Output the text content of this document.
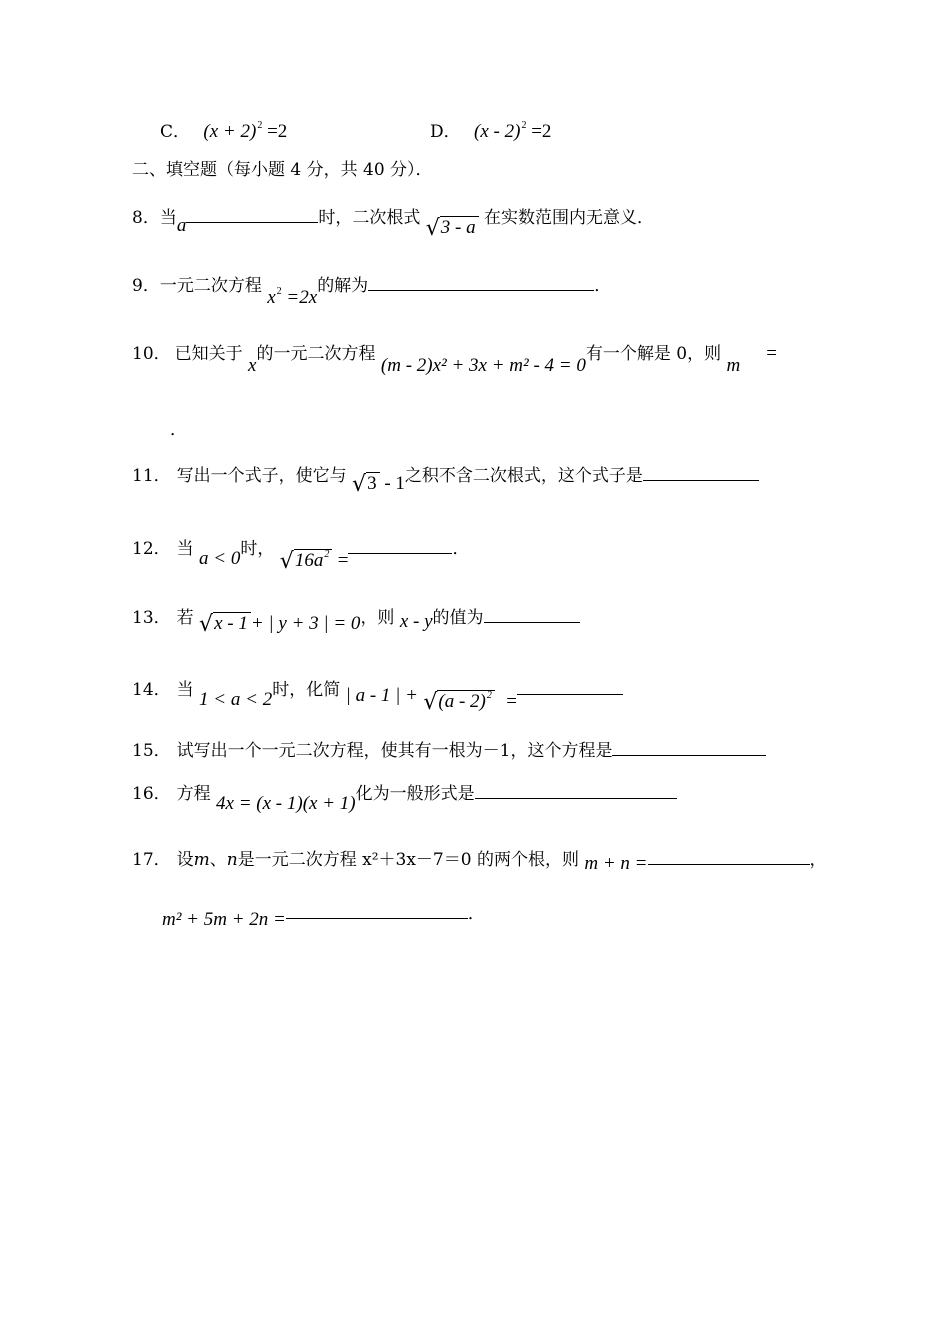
C． $(x + 2)^2 =2$	D． (x - 2)$^2$ =2
二、填空题（每小题 4 分，共 40 分）．
8．当a	时，二次根式 √3 - a 在实数范围内无意义．
9．一元二次方程 $x^2 =2x$的解为	．
10． 已知关于 x的一元二次方程 (m - 2)x² + 3x + m² - 4 = 0有一个解是 0，则 m=
．
11． 写出一个式子，使它与 √3 - 1之积不含二次根式，这个式子是
12． 当 a < 0时， $√16a^2$ =．
13． 若 √x - 1 + | y + 3 | = 0，则 x - y的值为
14． 当 1 < a < 2时，化简 | a - 1 | + √(a - 2)$^2$ =
15． 试写出一个一元二次方程，使其有一根为－1，这个方程是
16． 方程 4x = (x - 1)(x + 1)化为一般形式是
17． 设m、n是一元二次方程 x²＋3x－7＝0 的两个根，则 m + n =	，
m² + 5m + 2n =	．
